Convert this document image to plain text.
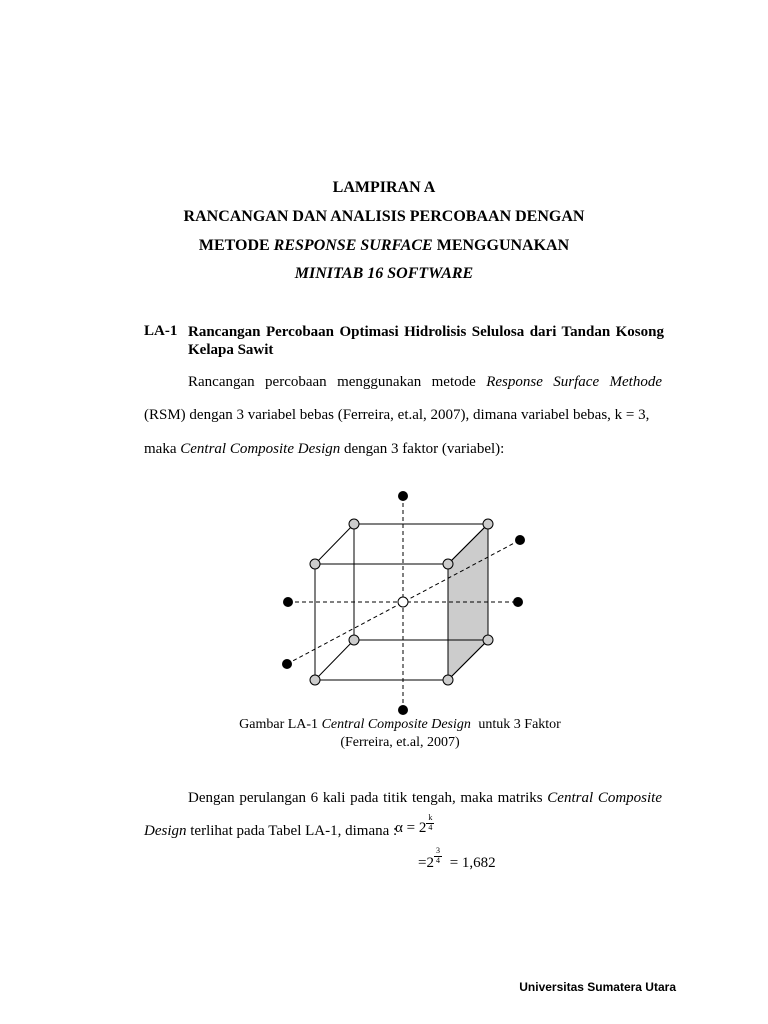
LAMPIRAN A
RANCANGAN DAN ANALISIS PERCOBAAN DENGAN
METODE RESPONSE SURFACE MENGGUNAKAN
MINITAB 16 SOFTWARE
LA-1 Rancangan Percobaan Optimasi Hidrolisis Selulosa dari Tandan Kosong Kelapa Sawit
Rancangan percobaan menggunakan metode Response Surface Methode
(RSM) dengan 3 variabel bebas (Ferreira, et.al, 2007), dimana variabel bebas, k = 3,
maka Central Composite Design dengan 3 faktor (variabel):
Gambar LA-1 Central Composite Design untuk 3 Faktor
(Ferreira, et.al, 2007)
Dengan perulangan 6 kali pada titik tengah, maka matriks Central Composite
Design terlihat pada Tabel LA-1, dimana :
$\alpha = 2 \frac{k}{4}$
$=2 \frac{3}{4} = 1,682$
Universitas Sumatera Utara
